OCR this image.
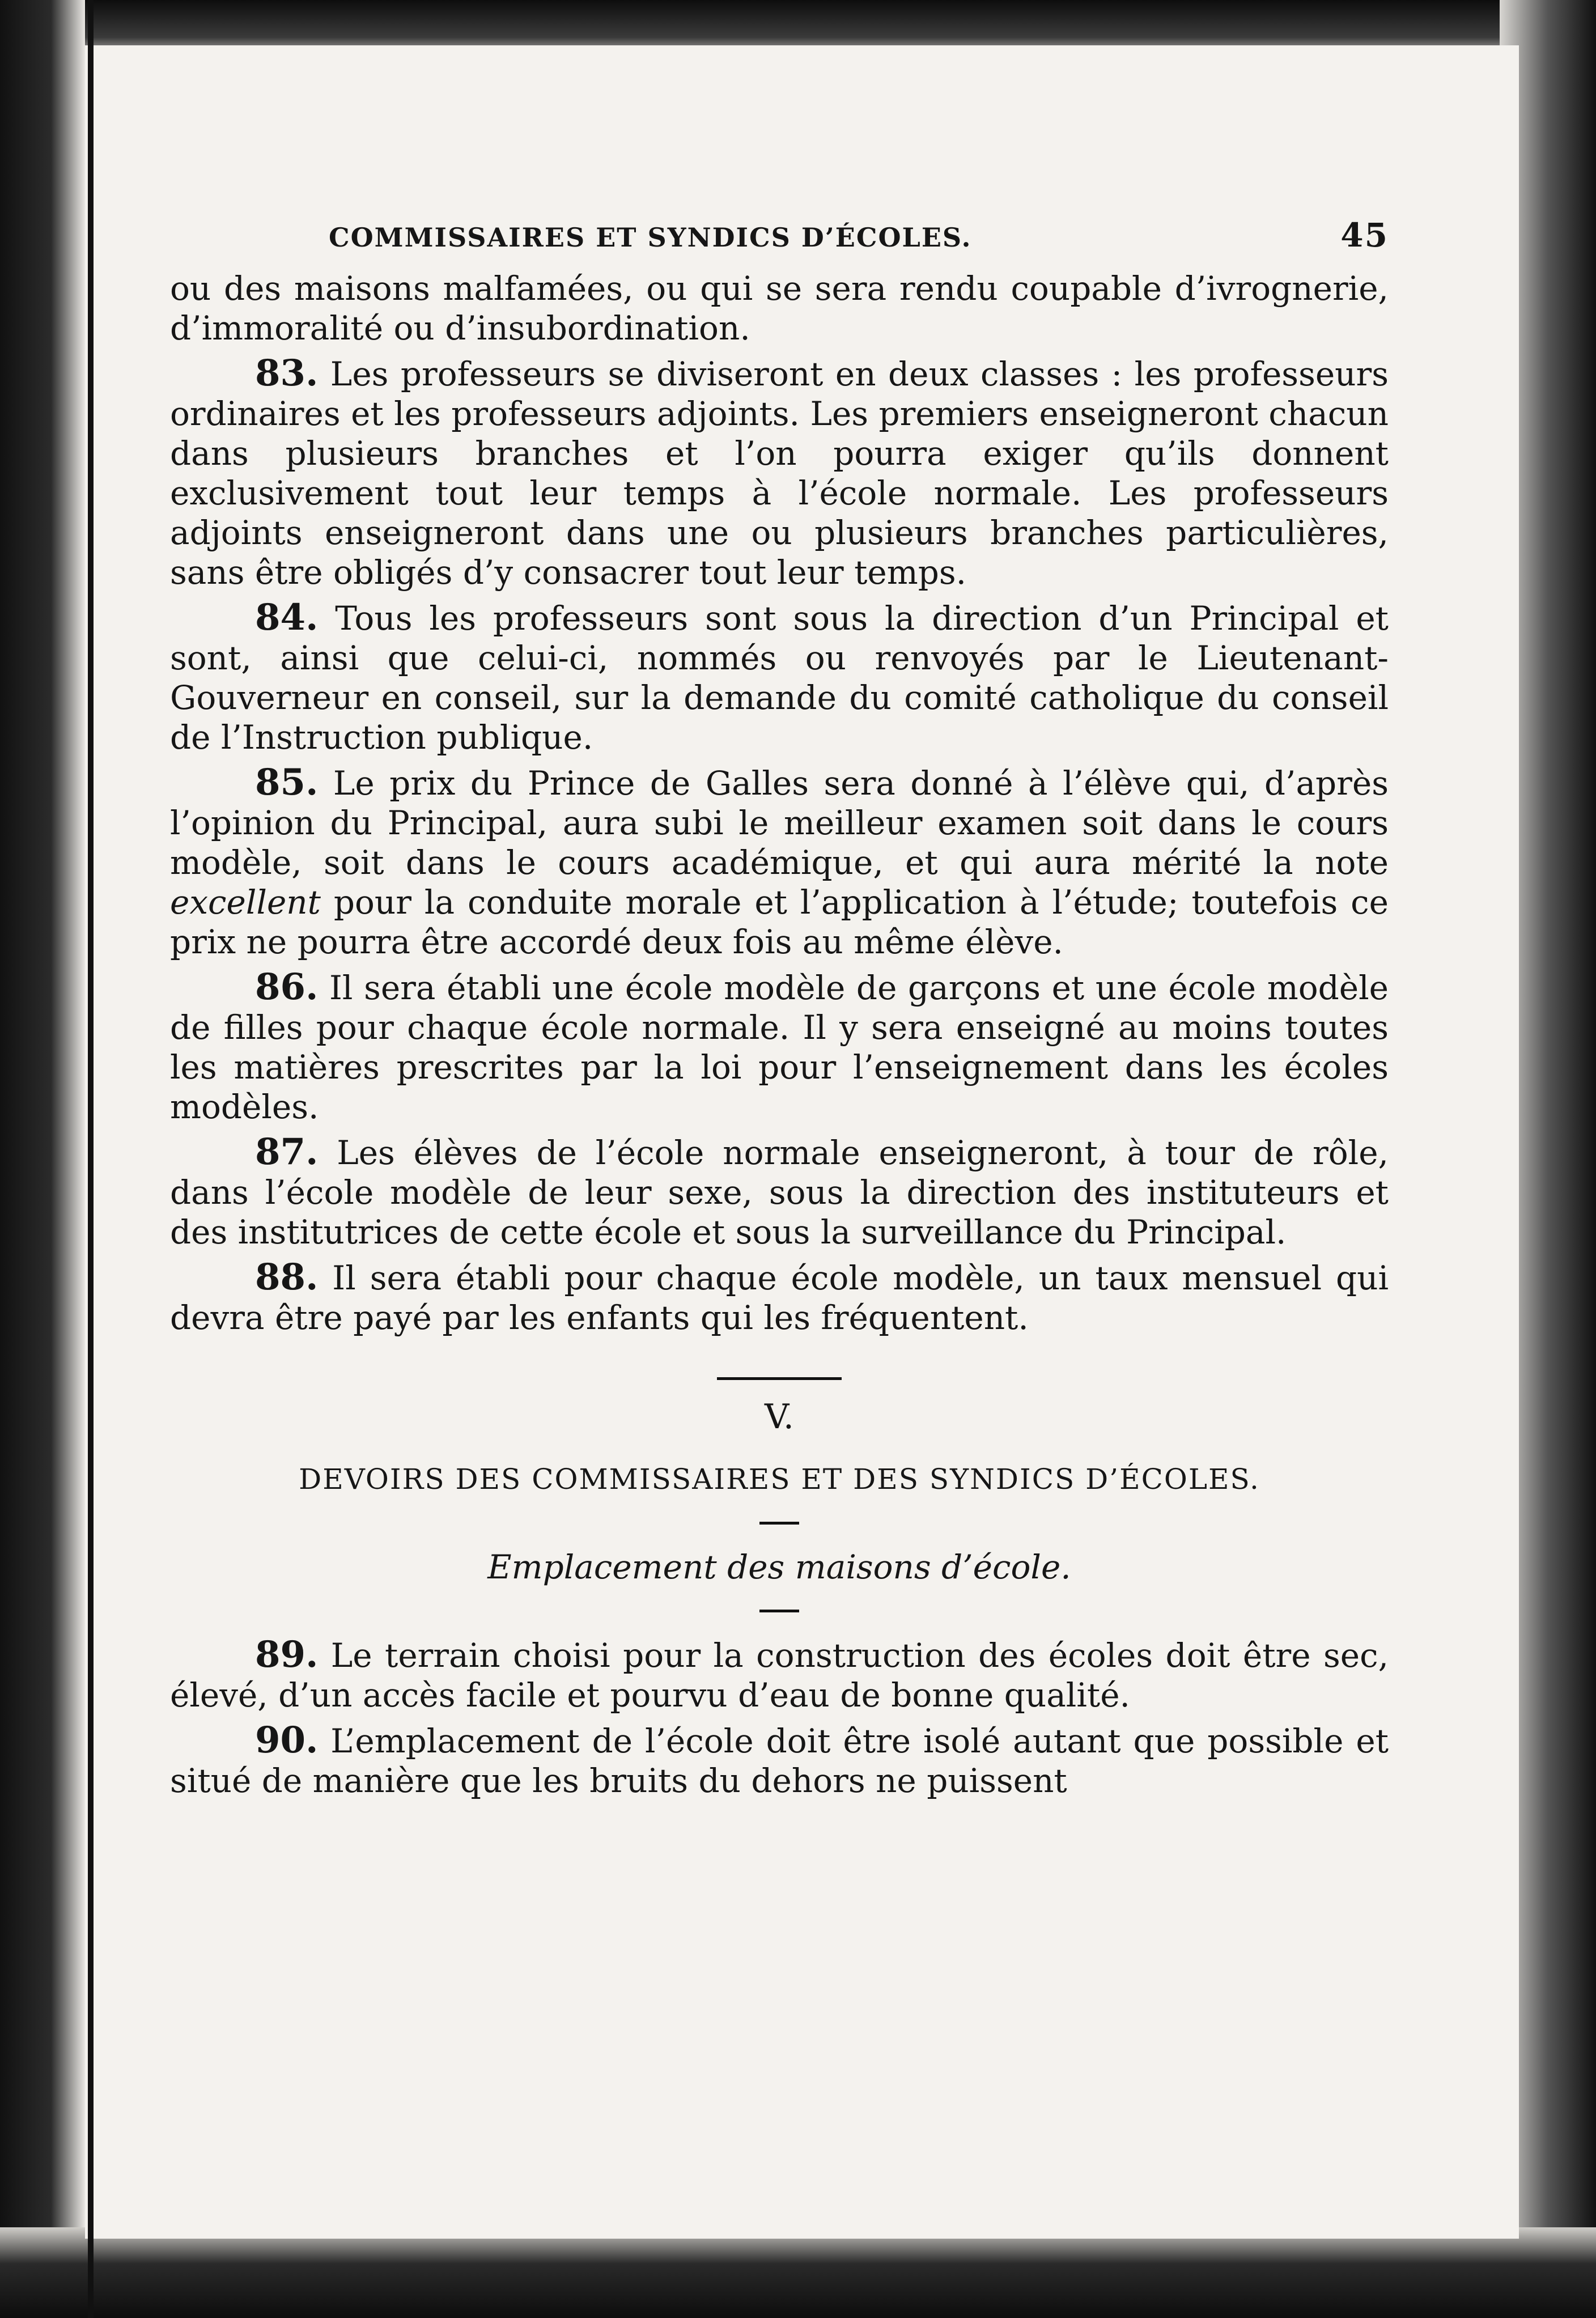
COMMISSAIRES ET SYNDICS D’ÉCOLES.	45

ou des maisons malfamées, ou qui se sera rendu coupable d’ivrognerie, d’immoralité ou d’insubordination.

83. Les professeurs se diviseront en deux classes : les professeurs ordinaires et les professeurs adjoints. Les premiers enseigneront chacun dans plusieurs branches et l’on pourra exiger qu’ils donnent exclusivement tout leur temps à l’école normale. Les professeurs adjoints enseigneront dans une ou plusieurs branches particulières, sans être obligés d’y consacrer tout leur temps.

84. Tous les professeurs sont sous la direction d’un Principal et sont, ainsi que celui-ci, nommés ou renvoyés par le Lieutenant-Gouverneur en conseil, sur la demande du comité catholique du conseil de l’Instruction publique.

85. Le prix du Prince de Galles sera donné à l’élève qui, d’après l’opinion du Principal, aura subi le meilleur examen soit dans le cours modèle, soit dans le cours académique, et qui aura mérité la note excellent pour la conduite morale et l’application à l’étude; toutefois ce prix ne pourra être accordé deux fois au même élève.

86. Il sera établi une école modèle de garçons et une école modèle de filles pour chaque école normale. Il y sera enseigné au moins toutes les matières prescrites par la loi pour l’enseignement dans les écoles modèles.

87. Les élèves de l’école normale enseigneront, à tour de rôle, dans l’école modèle de leur sexe, sous la direction des instituteurs et des institutrices de cette école et sous la surveillance du Principal.

88. Il sera établi pour chaque école modèle, un taux mensuel qui devra être payé par les enfants qui les fréquentent.

V.
DEVOIRS DES COMMISSAIRES ET DES SYNDICS D’ÉCOLES.
Emplacement des maisons d’école.

89. Le terrain choisi pour la construction des écoles doit être sec, élevé, d’un accès facile et pourvu d’eau de bonne qualité.

90. L’emplacement de l’école doit être isolé autant que possible et situé de manière que les bruits du dehors ne puissent
